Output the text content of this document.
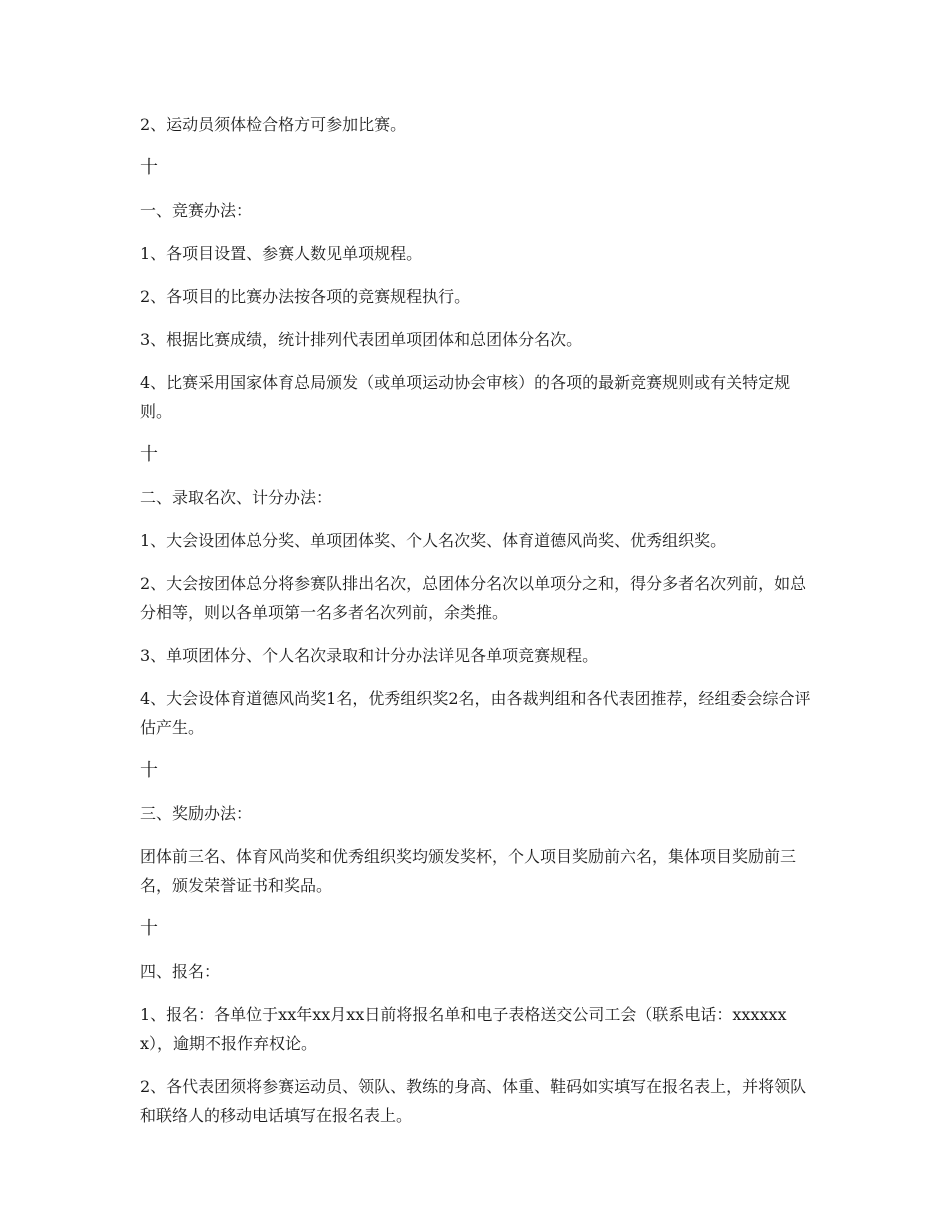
2、运动员须体检合格方可参加比赛。

十

一、竞赛办法：

1、各项目设置、参赛人数见单项规程。

2、各项目的比赛办法按各项的竞赛规程执行。

3、根据比赛成绩，统计排列代表团单项团体和总团体分名次。

4、比赛采用国家体育总局颁发（或单项运动协会审核）的各项的最新竞赛规则或有关特定规则。

十

二、录取名次、计分办法：

1、大会设团体总分奖、单项团体奖、个人名次奖、体育道德风尚奖、优秀组织奖。

2、大会按团体总分将参赛队排出名次，总团体分名次以单项分之和，得分多者名次列前，如总分相等，则以各单项第一名多者名次列前，余类推。

3、单项团体分、个人名次录取和计分办法详见各单项竞赛规程。

4、大会设体育道德风尚奖1名，优秀组织奖2名，由各裁判组和各代表团推荐，经组委会综合评估产生。

十

三、奖励办法：

团体前三名、体育风尚奖和优秀组织奖均颁发奖杯，个人项目奖励前六名，集体项目奖励前三名，颁发荣誉证书和奖品。

十

四、报名：

1、报名：各单位于xx年xx月xx日前将报名单和电子表格送交公司工会（联系电话：xxxxxxx），逾期不报作弃权论。

2、各代表团须将参赛运动员、领队、教练的身高、体重、鞋码如实填写在报名表上，并将领队和联络人的移动电话填写在报名表上。
